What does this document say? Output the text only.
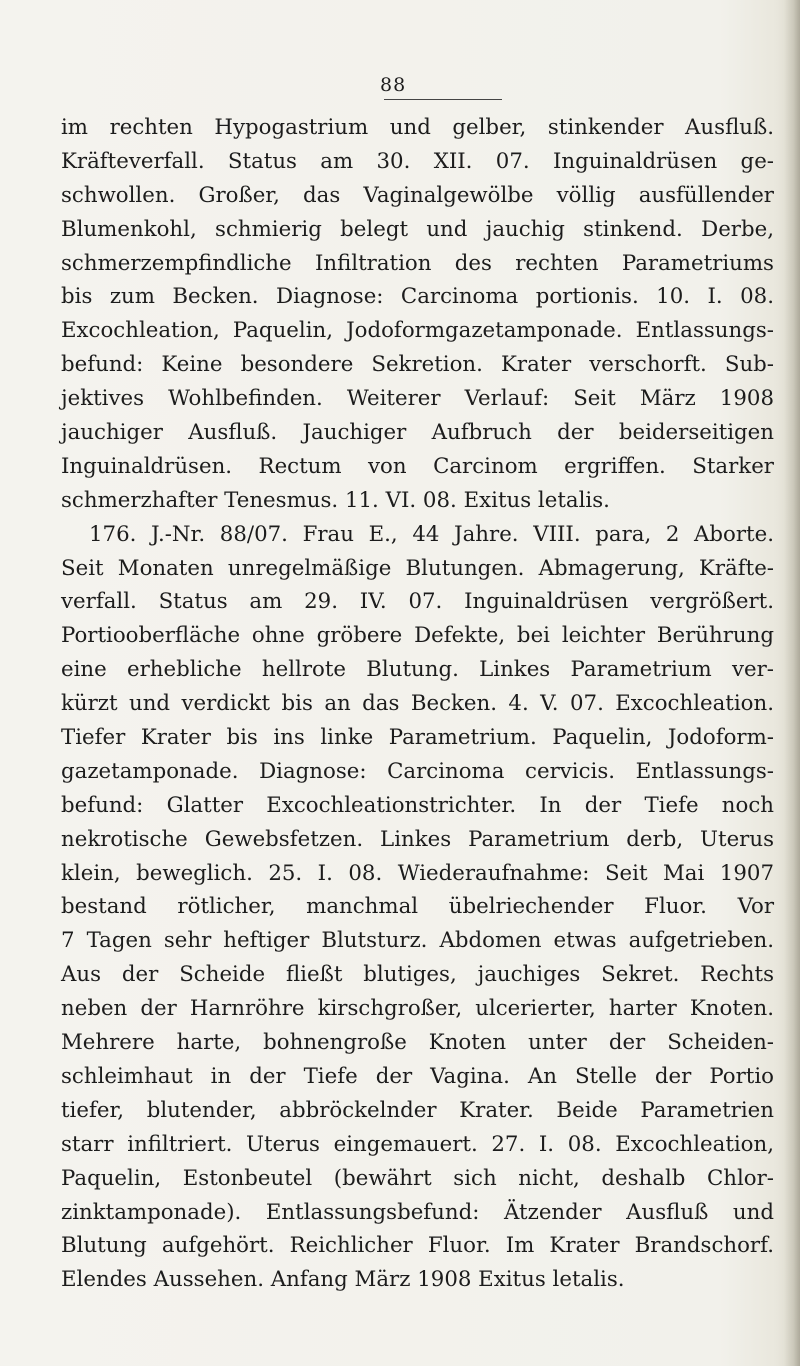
88
im rechten Hypogastrium und gelber, stinkender Ausfluß.
Kräfteverfall. Status am 30. XII. 07. Inguinaldrüsen ge-
schwollen. Großer, das Vaginalgewölbe völlig ausfüllender
Blumenkohl, schmierig belegt und jauchig stinkend. Derbe,
schmerzempfindliche Infiltration des rechten Parametriums
bis zum Becken. Diagnose: Carcinoma portionis. 10. I. 08.
Excochleation, Paquelin, Jodoformgazetamponade. Entlassungs-
befund: Keine besondere Sekretion. Krater verschorft. Sub-
jektives Wohlbefinden. Weiterer Verlauf: Seit März 1908
jauchiger Ausfluß. Jauchiger Aufbruch der beiderseitigen
Inguinaldrüsen. Rectum von Carcinom ergriffen. Starker
schmerzhafter Tenesmus. 11. VI. 08. Exitus letalis.
176. J.-Nr. 88/07. Frau E., 44 Jahre. VIII. para, 2 Aborte.
Seit Monaten unregelmäßige Blutungen. Abmagerung, Kräfte-
verfall. Status am 29. IV. 07. Inguinaldrüsen vergrößert.
Portiooberfläche ohne gröbere Defekte, bei leichter Berührung
eine erhebliche hellrote Blutung. Linkes Parametrium ver-
kürzt und verdickt bis an das Becken. 4. V. 07. Excochleation.
Tiefer Krater bis ins linke Parametrium. Paquelin, Jodoform-
gazetamponade. Diagnose: Carcinoma cervicis. Entlassungs-
befund: Glatter Excochleationstrichter. In der Tiefe noch
nekrotische Gewebsfetzen. Linkes Parametrium derb, Uterus
klein, beweglich. 25. I. 08. Wiederaufnahme: Seit Mai 1907
bestand rötlicher, manchmal übelriechender Fluor. Vor
7 Tagen sehr heftiger Blutsturz. Abdomen etwas aufgetrieben.
Aus der Scheide fließt blutiges, jauchiges Sekret. Rechts
neben der Harnröhre kirschgroßer, ulcerierter, harter Knoten.
Mehrere harte, bohnengroße Knoten unter der Scheiden-
schleimhaut in der Tiefe der Vagina. An Stelle der Portio
tiefer, blutender, abbröckelnder Krater. Beide Parametrien
starr infiltriert. Uterus eingemauert. 27. I. 08. Excochleation,
Paquelin, Estonbeutel (bewährt sich nicht, deshalb Chlor-
zinktamponade). Entlassungsbefund: Ätzender Ausfluß und
Blutung aufgehört. Reichlicher Fluor. Im Krater Brandschorf.
Elendes Aussehen. Anfang März 1908 Exitus letalis.
